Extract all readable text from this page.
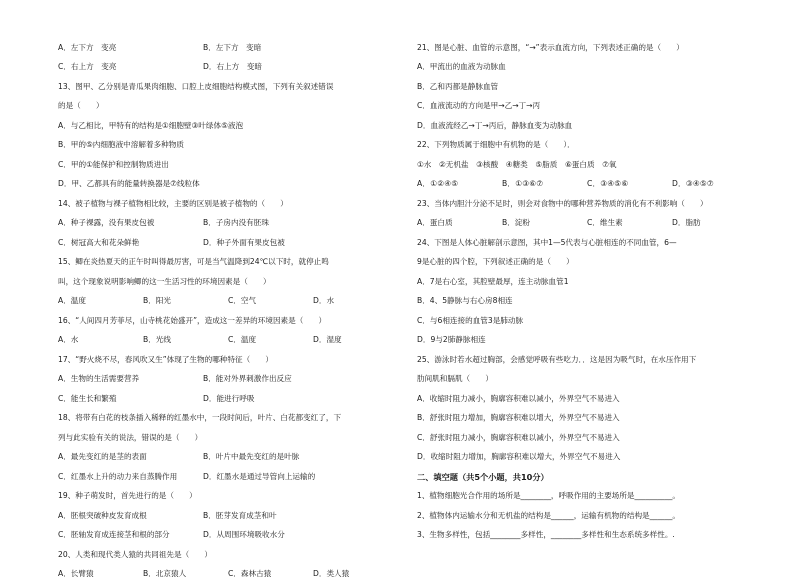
A．左下方　变亮	B．左下方　变暗
C．右上方　变亮	D．右上方　变暗
13、图甲、乙分别是青瓜果肉细胞、口腔上皮细胞结构模式图，下列有关叙述错误
的是（　　）
A．与乙相比，甲特有的结构是①细胞壁③叶绿体⑤液泡
B．甲的⑤内细胞液中溶解着多种物质
C．甲的①能保护和控制物质进出
D．甲、乙都具有的能量转换器是⑦线粒体
14、被子植物与裸子植物相比较，主要的区别是被子植物的（　　）
A．种子裸露，没有果皮包被	B．子房内没有胚珠
C．树冠高大和花朵鲜艳	D．种子外面有果皮包被
15、鲫在炎热夏天的正午时叫得最厉害，可是当气温降到24℃以下时，就停止鸣
叫，这个现象说明影响鲫的这一生活习性的环境因素是（　　）
A．温度	B．阳光	C．空气	D．水
16、“人间四月芳菲尽，山寺桃花始盛开”，造成这一差异的环境因素是（　　）
A．水	B．光线	C．温度	D．湿度
17、“野火烧不尽，春风吹又生”体现了生物的哪种特征（　　）
A．生物的生活需要营养	B．能对外界刺激作出反应
C．能生长和繁殖	D．能进行呼吸
18、将带有白花的枝条插入稀释的红墨水中，一段时间后，叶片、白花都变红了，下
列与此实验有关的说法，错误的是（　　）
A．最先变红的是茎的表面	B．叶片中最先变红的是叶脉
C．红墨水上升的动力来自蒸腾作用	D．红墨水是通过导管向上运输的
19、种子萌发时，首先进行的是（　　）
A．胚根突破种皮发育成根	B．胚芽发育成茎和叶
C．胚轴发育成连接茎和根的部分	D．从周围环境吸收水分
20、人类和现代类人猿的共同祖先是（　　）
A．长臂猿	B．北京猿人	C．森林古猿	D．类人猿
21、图是心脏、血管的示意图，“→”表示血流方向，下列表述正确的是（　　）
A．甲流出的血液为动脉血
B．乙和丙都是静脉血管
C．血液流动的方向是甲→乙→丁→丙
D．血液流经乙→丁→丙后，静脉血变为动脉血
22、下列物质属于细胞中有机物的是（　　）．
①水　②无机盐　③核酸　④糖类　⑤脂质　⑥蛋白质　⑦氧
A．①②④⑤	B．①③⑥⑦	C．③④⑤⑥	D．③④⑤⑦
23、当体内胆汁分泌不足时，则会对食物中的哪种营养物质的消化有不利影响（　　）
A．蛋白质	B．淀粉	C．维生素	D．脂肪
24、下图是人体心脏解剖示意图，其中1—5代表与心脏相连的不同血管，6—
9是心脏的四个腔，下列叙述正确的是（　　）
A．7是右心室，其腔壁最厚，连主动脉血管1
B．4、5静脉与右心房8相连
C．与6相连接的血管3是肺动脉
D．9与2肺静脉相连
25、游泳时若水超过胸部，会感觉呼吸有些吃力．．这是因为吸气时，在水压作用下
肋间肌和膈肌（　　）
A．收缩时阻力减小，胸廓容积难以减小，外界空气不易进入
B．舒张时阻力增加，胸廓容积难以增大，外界空气不易进入
C．舒张时阻力减小，胸廓容积难以减小，外界空气不易进入
D．收缩时阻力增加，胸廓容积难以增大，外界空气不易进入
二、填空题（共5个小题，共10分）
1、植物细胞光合作用的场所是________，呼吸作用的主要场所是__________。
2、植物体内运输水分和无机盐的结构是______，运输有机物的结构是______。
3、生物多样性，包括________多样性，________多样性和生态系统多样性。.
